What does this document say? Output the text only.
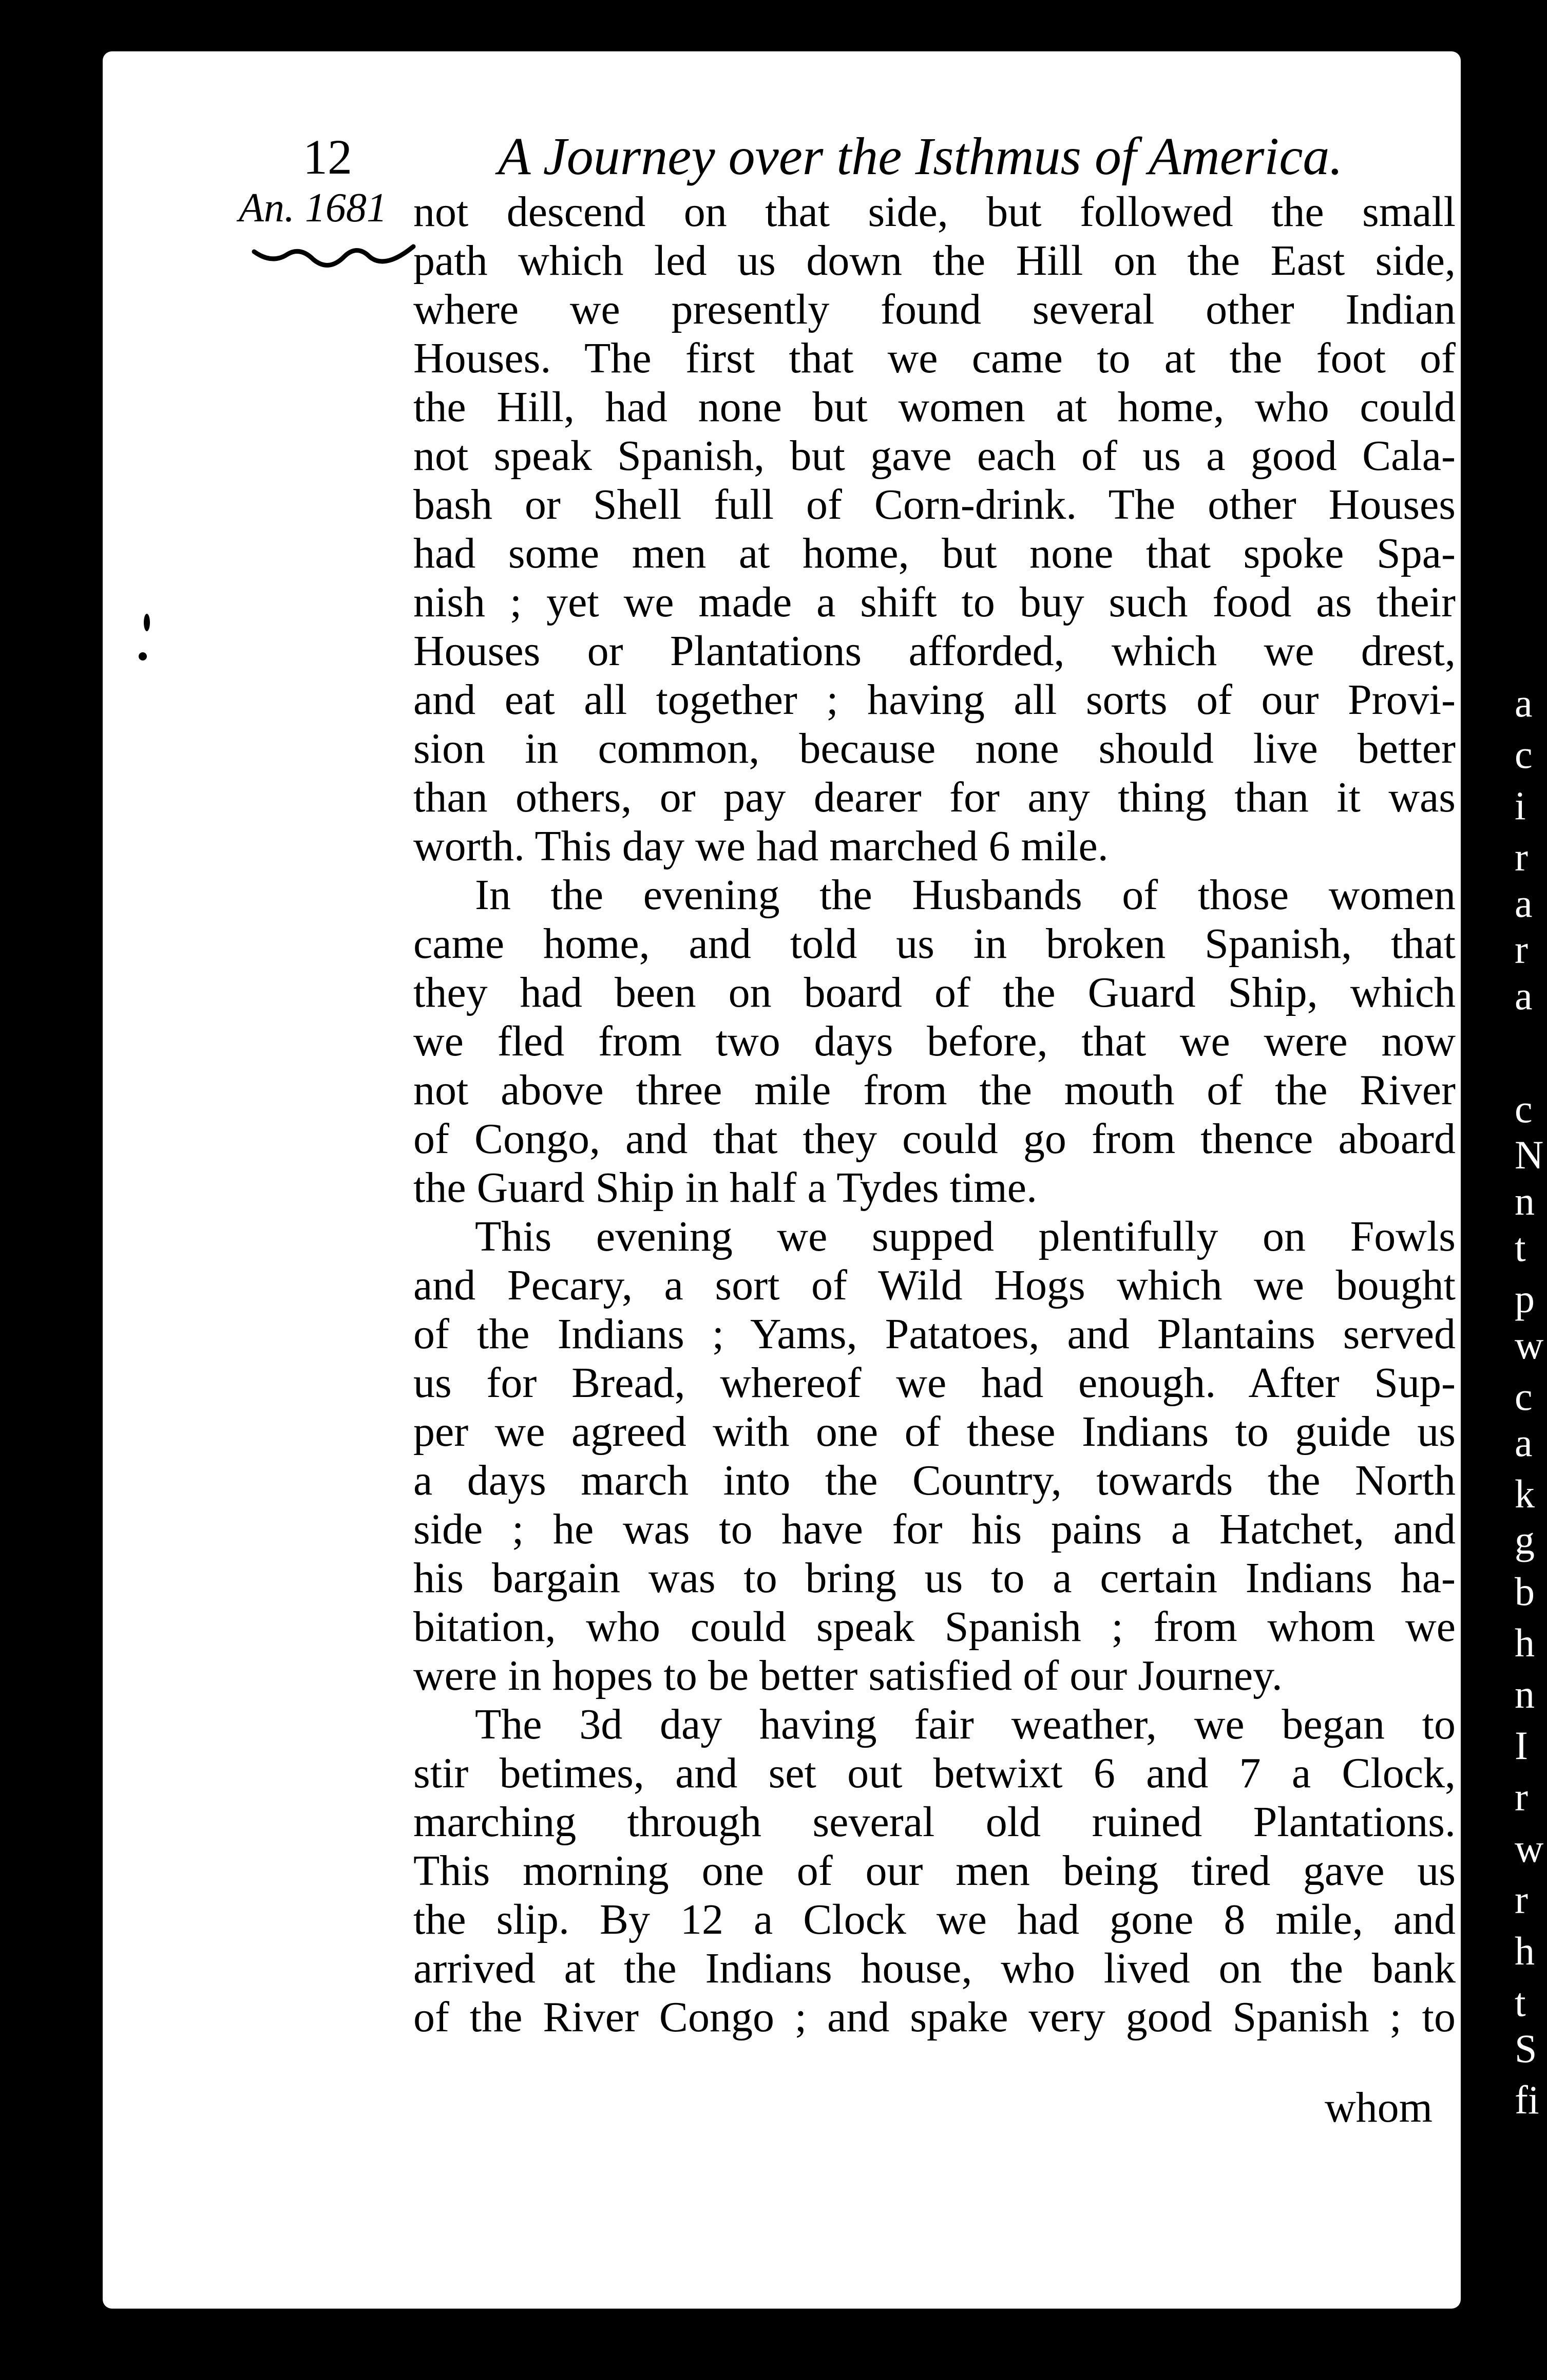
12	A Journey over the Isthmus of America.
An. 1681 not descend on that side, but followed the small
path which led us down the Hill on the East side,
where we presently found several other Indian
Houses. The first that we came to at the foot of
the Hill, had none but women at home, who could
not speak Spanish, but gave each of us a good Cala-
bash or Shell full of Corn-drink. The other Houses
had some men at home, but none that spoke Spa-
nish ; yet we made a shift to buy such food as their
Houses or Plantations afforded, which we drest,
and eat all together ; having all sorts of our Provi-
sion in common, because none should live better
than others, or pay dearer for any thing than it was
worth. This day we had marched 6 mile.
In the evening the Husbands of those women
came home, and told us in broken Spanish, that
they had been on board of the Guard Ship, which
we fled from two days before, that we were now
not above three mile from the mouth of the River
of Congo, and that they could go from thence aboard
the Guard Ship in half a Tydes time.
This evening we supped plentifully on Fowls
and Pecary, a sort of Wild Hogs which we bought
of the Indians ; Yams, Patatoes, and Plantains served
us for Bread, whereof we had enough. After Sup-
per we agreed with one of these Indians to guide us
a days march into the Country, towards the North
side ; he was to have for his pains a Hatchet, and
his bargain was to bring us to a certain Indians ha-
bitation, who could speak Spanish ; from whom we
were in hopes to be better satisfied of our Journey.
The 3d day having fair weather, we began to
stir betimes, and set out betwixt 6 and 7 a Clock,
marching through several old ruined Plantations.
This morning one of our men being tired gave us
the slip. By 12 a Clock we had gone 8 mile, and
arrived at the Indians house, who lived on the bank
of the River Congo ; and spake very good Spanish ; to
whom
a
c
i
r
a
r
a
c
N
n
t
p
w
c
a
k
g
b
h
n
I
r
w
r
h
t
S
fi
